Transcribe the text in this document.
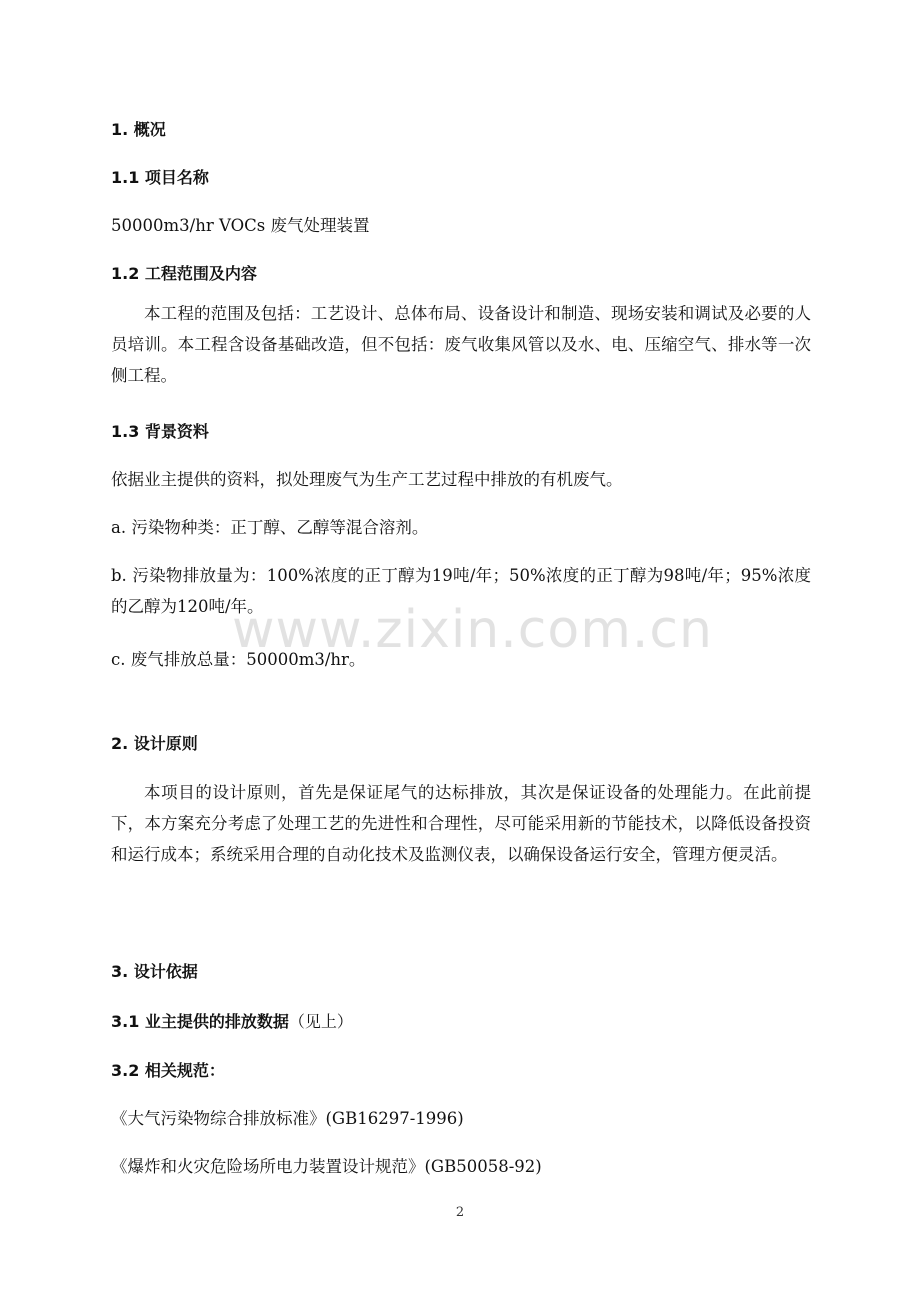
www.zixin.com.cn
1. 概况
1.1 项目名称
50000m3/hr VOCs 废气处理装置
1.2 工程范围及内容

本工程的范围及包括：工艺设计、总体布局、设备设计和制造、现场安装和调试及必要的人员培训。本工程含设备基础改造，但不包括：废气收集风管以及水、电、压缩空气、排水等一次侧工程。

1.3 背景资料
依据业主提供的资料，拟处理废气为生产工艺过程中排放的有机废气。
a. 污染物种类：正丁醇、乙醇等混合溶剂。

b. 污染物排放量为：100%浓度的正丁醇为19吨/年；50%浓度的正丁醇为98吨/年；95%浓度的乙醇为120吨/年。

c. 废气排放总量：50000m3/hr。
2. 设计原则

本项目的设计原则，首先是保证尾气的达标排放，其次是保证设备的处理能力。在此前提下，本方案充分考虑了处理工艺的先进性和合理性，尽可能采用新的节能技术，以降低设备投资和运行成本；系统采用合理的自动化技术及监测仪表，以确保设备运行安全，管理方便灵活。

3. 设计依据
3.1 业主提供的排放数据（见上）
3.2 相关规范：
《大气污染物综合排放标准》(GB16297-1996)
《爆炸和火灾危险场所电力装置设计规范》(GB50058-92)
2
